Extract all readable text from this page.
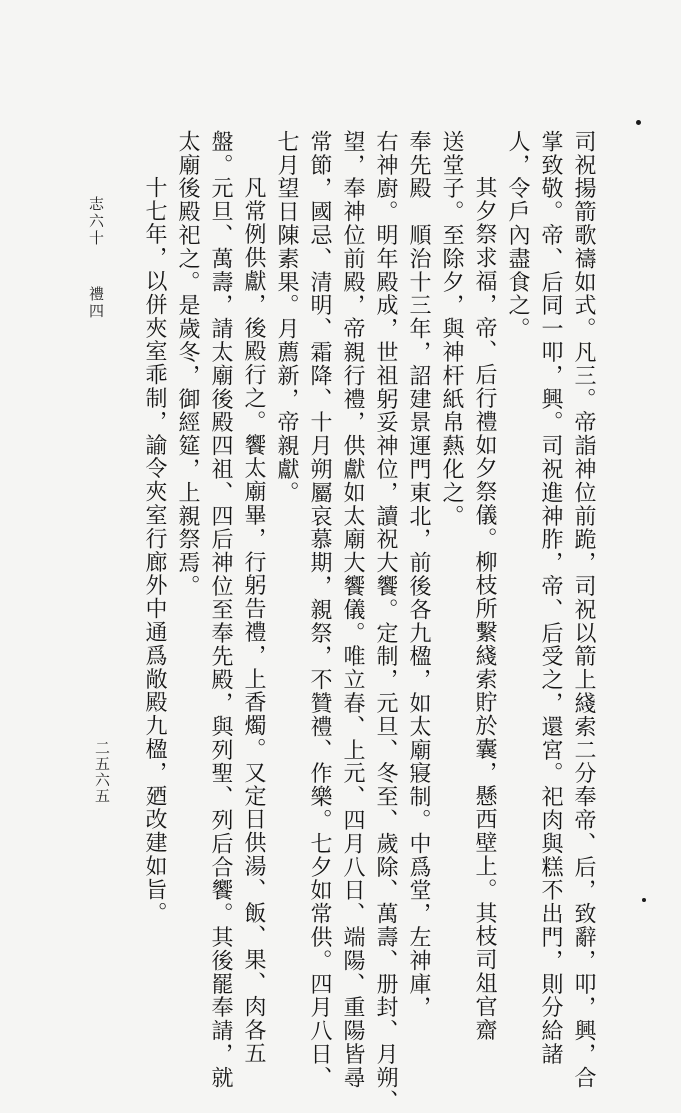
司祝揚箭歌禱如式。凡三。帝詣神位前跪，司祝以箭上綫索二分奉帝、后，致辭，叩，興，合
掌致敬。帝、后同一叩，興。司祝進神胙，帝、后受之，還宮。祀肉與糕不出門，則分給諸
人，令戶內盡食之。
其夕祭求福，帝、后行禮如夕祭儀。柳枝所繫綫索貯於囊，懸西壁上。其枝司俎官齋
送堂子。至除夕，與神杆紙帛爇化之。
奉先殿　順治十三年，詔建景運門東北，前後各九楹，如太廟寢制。中爲堂，左神庫，
右神廚。明年殿成，世祖躬妥神位，讀祝大饗。定制，元旦、冬至、歲除、萬壽、册封、月朔、
望，奉神位前殿，帝親行禮，供獻如太廟大饗儀。唯立春、上元、四月八日、端陽、重陽皆尋
常節，國忌、清明、霜降、十月朔屬哀慕期，親祭，不贊禮、作樂。七夕如常供。四月八日、
七月望日陳素果。月薦新，帝親獻。
凡常例供獻，後殿行之。饗太廟畢，行躬告禮，上香燭。又定日供湯、飯、果、肉各五
盤。元旦、萬壽，請太廟後殿四祖、四后神位至奉先殿，與列聖、列后合饗。其後罷奉請，就
太廟後殿祀之。是歲冬，御經筵，上親祭焉。
十七年，以併夾室乖制，諭令夾室行廊外中通爲敞殿九楹，廼改建如旨。
志六十
禮四
二五六五
